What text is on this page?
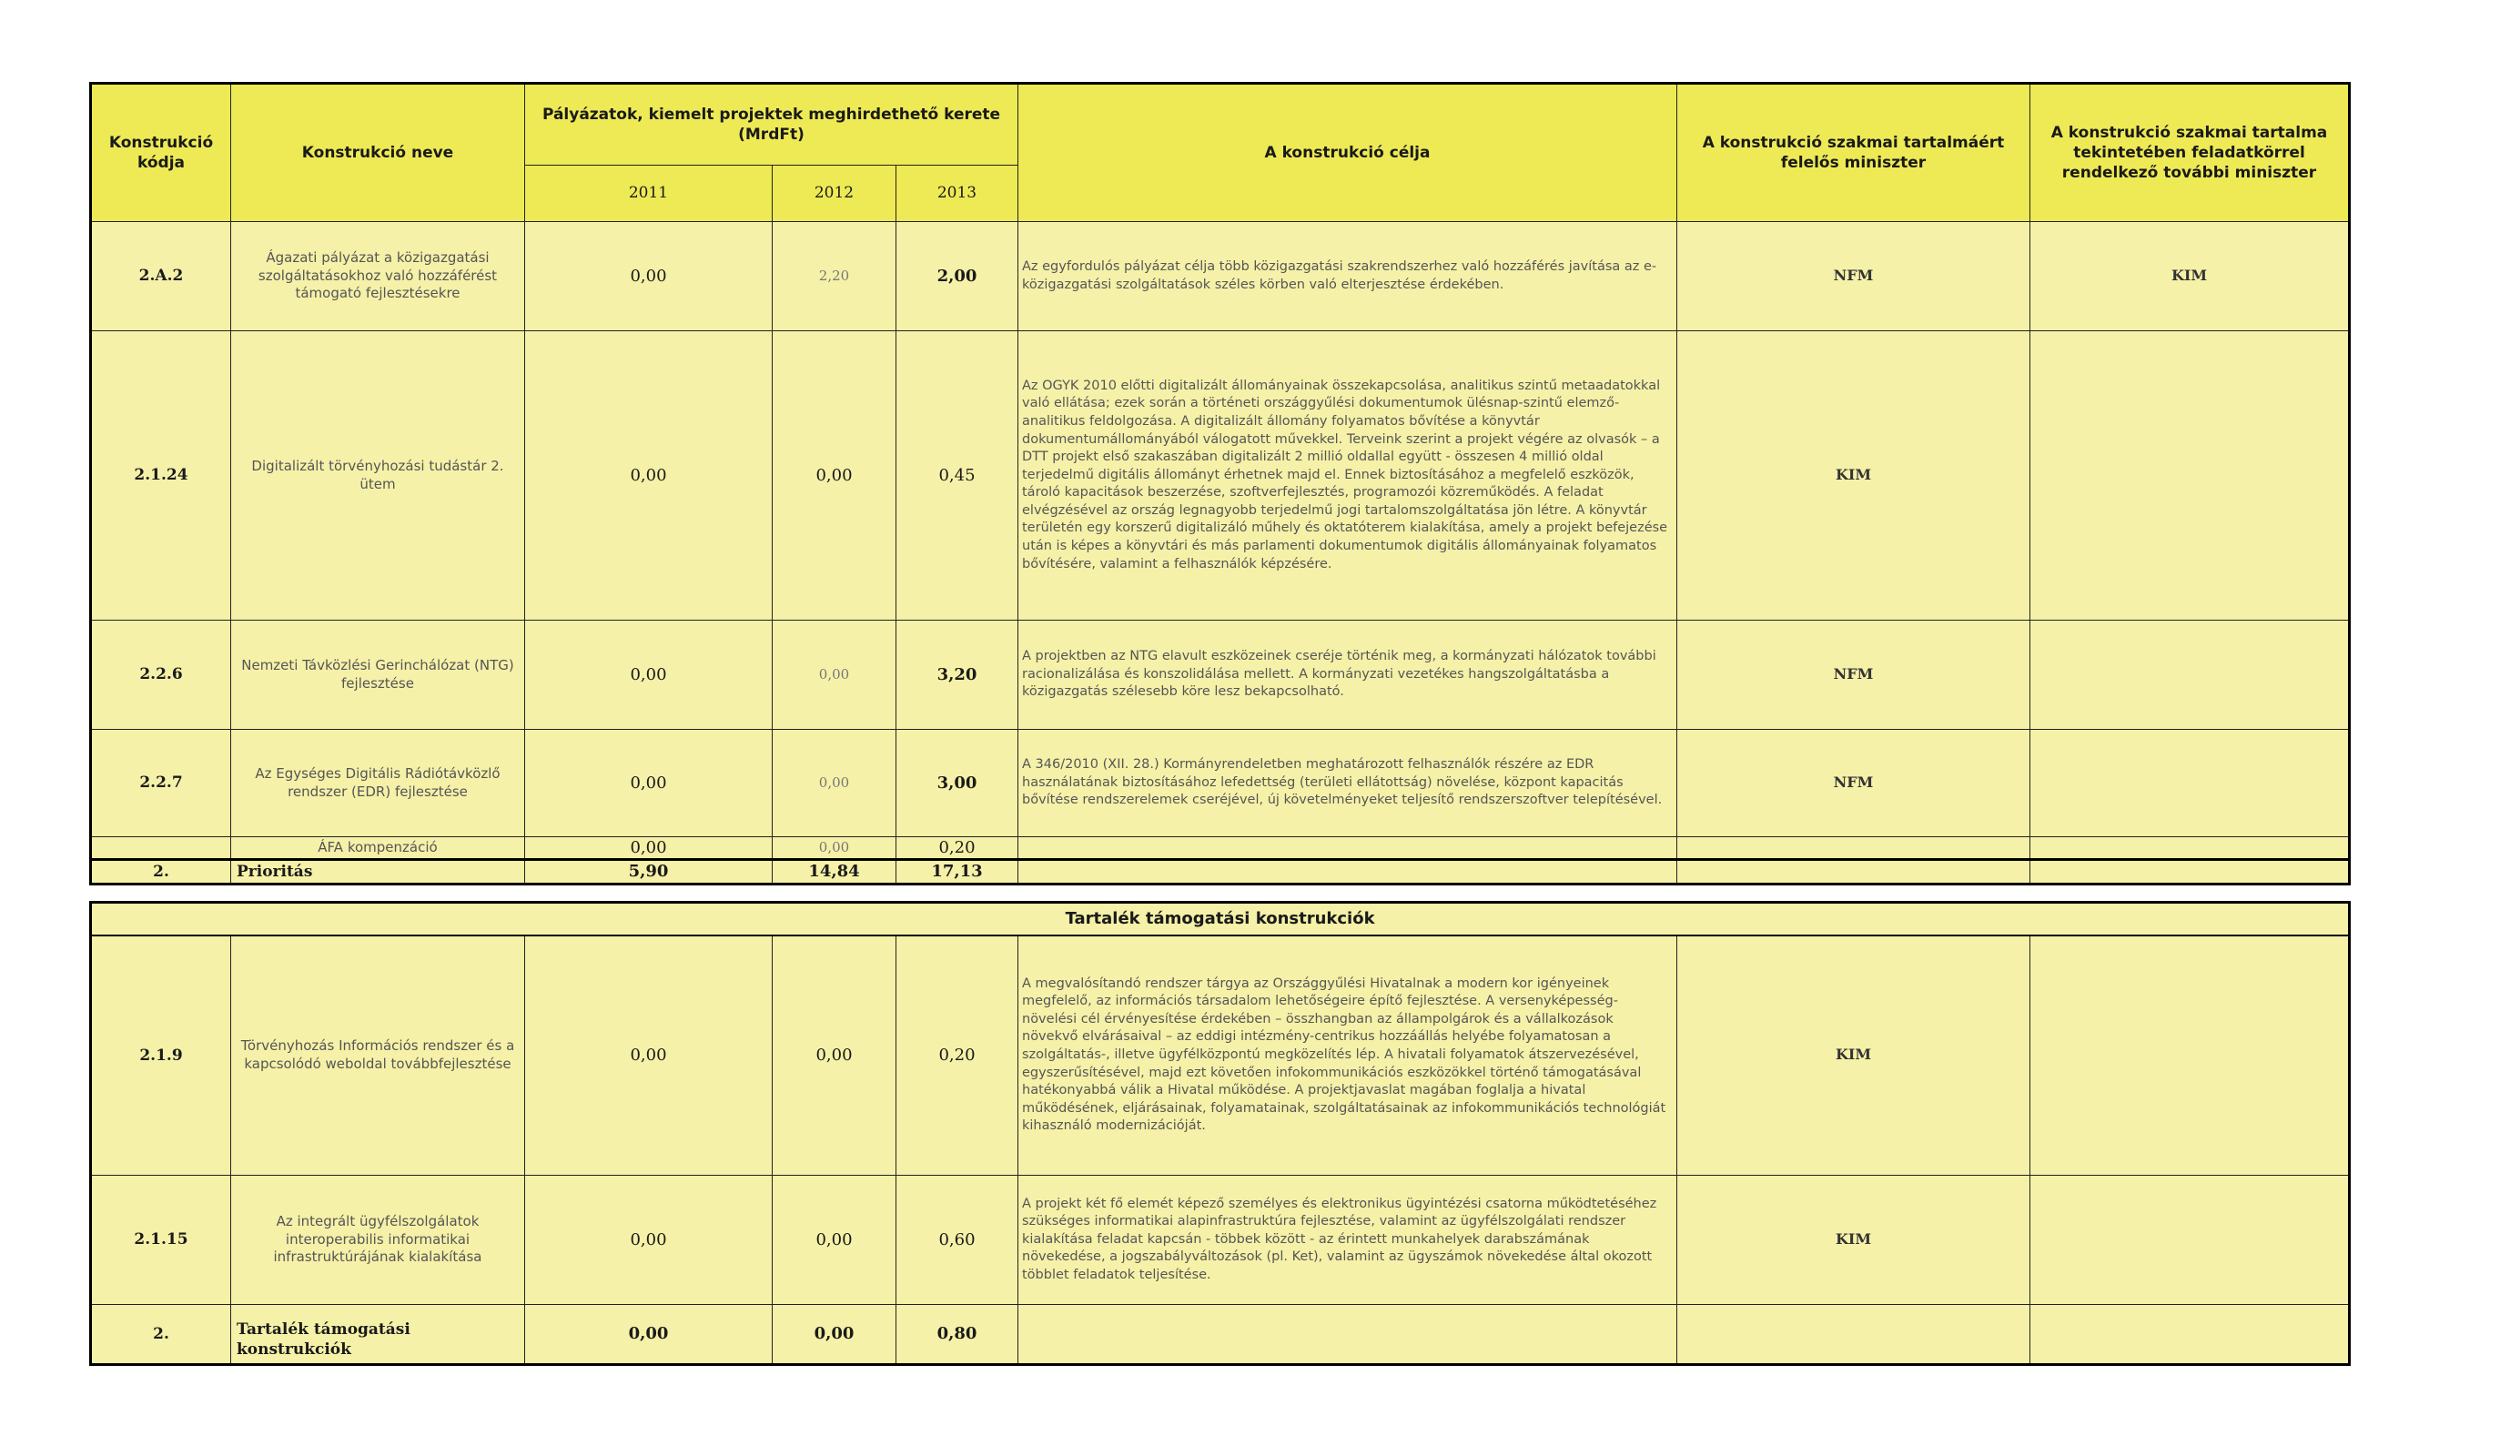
Konstrukció kódja	Konstrukció neve	Pályázatok, kiemelt projektek meghirdethető kerete (MrdFt)			A konstrukció célja	A konstrukció szakmai tartalmáért felelős miniszter	A konstrukció szakmai tartalma tekintetében feladatkörrel rendelkező további miniszter
		2011	2012	2013			
2.A.2	Ágazati pályázat a közigazgatási szolgáltatásokhoz való hozzáférést támogató fejlesztésekre	0,00	2,20	2,00	Az egyfordulós pályázat célja több közigazgatási szakrendszerhez való hozzáférés javítása az e-közigazgatási szolgáltatások széles körben való elterjesztése érdekében.	NFM	KIM
2.1.24	Digitalizált törvényhozási tudástár 2. ütem	0,00	0,00	0,45	Az OGYK 2010 előtti digitalizált állományainak összekapcsolása, analitikus szintű metaadatokkal való ellátása; ezek során a történeti országgyűlési dokumentumok ülésnap-szintű elemző-analitikus feldolgozása. A digitalizált állomány folyamatos bővítése a könyvtár dokumentumállományából válogatott művekkel. Terveink szerint a projekt végére az olvasók – a DTT projekt első szakaszában digitalizált 2 millió oldallal együtt - összesen 4 millió oldal terjedelmű digitális állományt érhetnek majd el. Ennek biztosításához a megfelelő eszközök, tároló kapacitások beszerzése, szoftverfejlesztés, programozói közreműködés. A feladat elvégzésével az ország legnagyobb terjedelmű jogi tartalomszolgáltatása jön létre. A könyvtár területén egy korszerű digitalizáló műhely és oktatóterem kialakítása, amely a projekt befejezése után is képes a könyvtári és más parlamenti dokumentumok digitális állományainak folyamatos bővítésére, valamint a felhasználók képzésére.	KIM	
2.2.6	Nemzeti Távközlési Gerinchálózat (NTG) fejlesztése	0,00	0,00	3,20	A projektben az NTG elavult eszközeinek cseréje történik meg, a kormányzati hálózatok további racionalizálása és konszolidálása mellett. A kormányzati vezetékes hangszolgáltatásba a közigazgatás szélesebb köre lesz bekapcsolható.	NFM	
2.2.7	Az Egységes Digitális Rádiótávközlő rendszer (EDR) fejlesztése	0,00	0,00	3,00	A 346/2010 (XII. 28.) Kormányrendeletben meghatározott felhasználók részére az EDR használatának biztosításához lefedettség (területi ellátottság) növelése, központ kapacitás bővítése rendszerelemek cseréjével, új követelményeket teljesítő rendszerszoftver telepítésével.	NFM	
	ÁFA kompenzáció	0,00	0,00	0,20			
2.	Prioritás	5,90	14,84	17,13			
Tartalék támogatási konstrukciók							
2.1.9	Törvényhozás Információs rendszer és a kapcsolódó weboldal továbbfejlesztése	0,00	0,00	0,20	A megvalósítandó rendszer tárgya az Országgyűlési Hivatalnak a modern kor igényeinek megfelelő, az információs társadalom lehetőségeire építő fejlesztése. A versenyképesség-növelési cél érvényesítése érdekében – összhangban az állampolgárok és a vállalkozások növekvő elvárásaival – az eddigi intézmény-centrikus hozzáállás helyébe folyamatosan a szolgáltatás-, illetve ügyfélközpontú megközelítés lép. A hivatali folyamatok átszervezésével, egyszerűsítésével, majd ezt követően infokommunikációs eszközökkel történő támogatásával hatékonyabbá válik a Hivatal működése. A projektjavaslat magában foglalja a hivatal működésének, eljárásainak, folyamatainak, szolgáltatásainak az infokommunikációs technológiát kihasználó modernizációját.	KIM	
2.1.15	Az integrált ügyfélszolgálatok interoperabilis informatikai infrastruktúrájának kialakítása	0,00	0,00	0,60	A projekt két fő elemét képező személyes és elektronikus ügyintézési csatorna működtetéséhez szükséges informatikai alapinfrastruktúra fejlesztése, valamint az ügyfélszolgálati rendszer kialakítása feladat kapcsán - többek között - az érintett munkahelyek darabszámának növekedése, a jogszabályváltozások (pl. Ket), valamint az ügyszámok növekedése által okozott többlet feladatok teljesítése.	KIM	
2.	Tartalék támogatási konstrukciók	0,00	0,00	0,80			
